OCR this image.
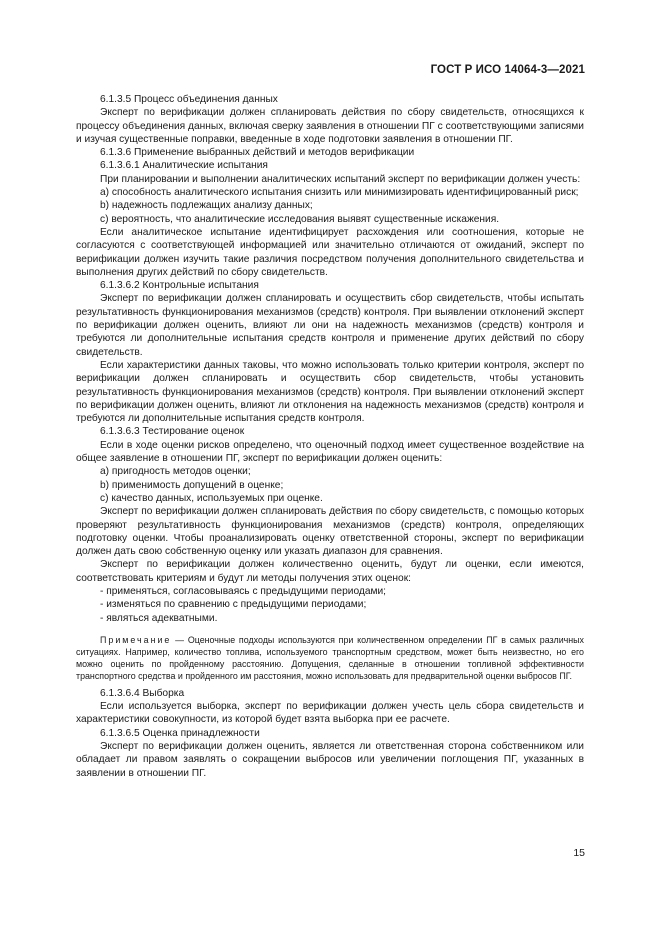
ГОСТ Р ИСО 14064-3—2021

6.1.3.5 Процесс объединения данных

Эксперт по верификации должен спланировать действия по сбору свидетельств, относящихся к процессу объединения данных, включая сверку заявления в отношении ПГ с соответствующими записями и изучая существенные поправки, введенные в ходе подготовки заявления в отношении ПГ.

6.1.3.6 Применение выбранных действий и методов верификации

6.1.3.6.1 Аналитические испытания

При планировании и выполнении аналитических испытаний эксперт по верификации должен учесть:

a) способность аналитического испытания снизить или минимизировать идентифицированный риск;

b) надежность подлежащих анализу данных;

c) вероятность, что аналитические исследования выявят существенные искажения.

Если аналитическое испытание идентифицирует расхождения или соотношения, которые не согласуются с соответствующей информацией или значительно отличаются от ожиданий, эксперт по верификации должен изучить такие различия посредством получения дополнительного свидетельства и выполнения других действий по сбору свидетельств.

6.1.3.6.2 Контрольные испытания

Эксперт по верификации должен спланировать и осуществить сбор свидетельств, чтобы испытать результативность функционирования механизмов (средств) контроля. При выявлении отклонений эксперт по верификации должен оценить, влияют ли они на надежность механизмов (средств) контроля и требуются ли дополнительные испытания средств контроля и применение других действий по сбору свидетельств.

Если характеристики данных таковы, что можно использовать только критерии контроля, эксперт по верификации должен спланировать и осуществить сбор свидетельств, чтобы установить результативность функционирования механизмов (средств) контроля. При выявлении отклонений эксперт по верификации должен оценить, влияют ли отклонения на надежность механизмов (средств) контроля и требуются ли дополнительные испытания средств контроля.

6.1.3.6.3 Тестирование оценок

Если в ходе оценки рисков определено, что оценочный подход имеет существенное воздействие на общее заявление в отношении ПГ, эксперт по верификации должен оценить:

a) пригодность методов оценки;

b) применимость допущений в оценке;

c) качество данных, используемых при оценке.

Эксперт по верификации должен спланировать действия по сбору свидетельств, с помощью которых проверяют результативность функционирования механизмов (средств) контроля, определяющих подготовку оценки. Чтобы проанализировать оценку ответственной стороны, эксперт по верификации должен дать свою собственную оценку или указать диапазон для сравнения.

Эксперт по верификации должен количественно оценить, будут ли оценки, если имеются, соответствовать критериям и будут ли методы получения этих оценок:

- применяться, согласовываясь с предыдущими периодами;

- изменяться по сравнению с предыдущими периодами;

- являться адекватными.

Примечание — Оценочные подходы используются при количественном определении ПГ в самых различных ситуациях. Например, количество топлива, используемого транспортным средством, может быть неизвестно, но его можно оценить по пройденному расстоянию. Допущения, сделанные в отношении топливной эффективности транспортного средства и пройденного им расстояния, можно использовать для предварительной оценки выбросов ПГ.

6.1.3.6.4 Выборка

Если используется выборка, эксперт по верификации должен учесть цель сбора свидетельств и характеристики совокупности, из которой будет взята выборка при ее расчете.

6.1.3.6.5 Оценка принадлежности

Эксперт по верификации должен оценить, является ли ответственная сторона собственником или обладает ли правом заявлять о сокращении выбросов или увеличении поглощения ПГ, указанных в заявлении в отношении ПГ.

15
